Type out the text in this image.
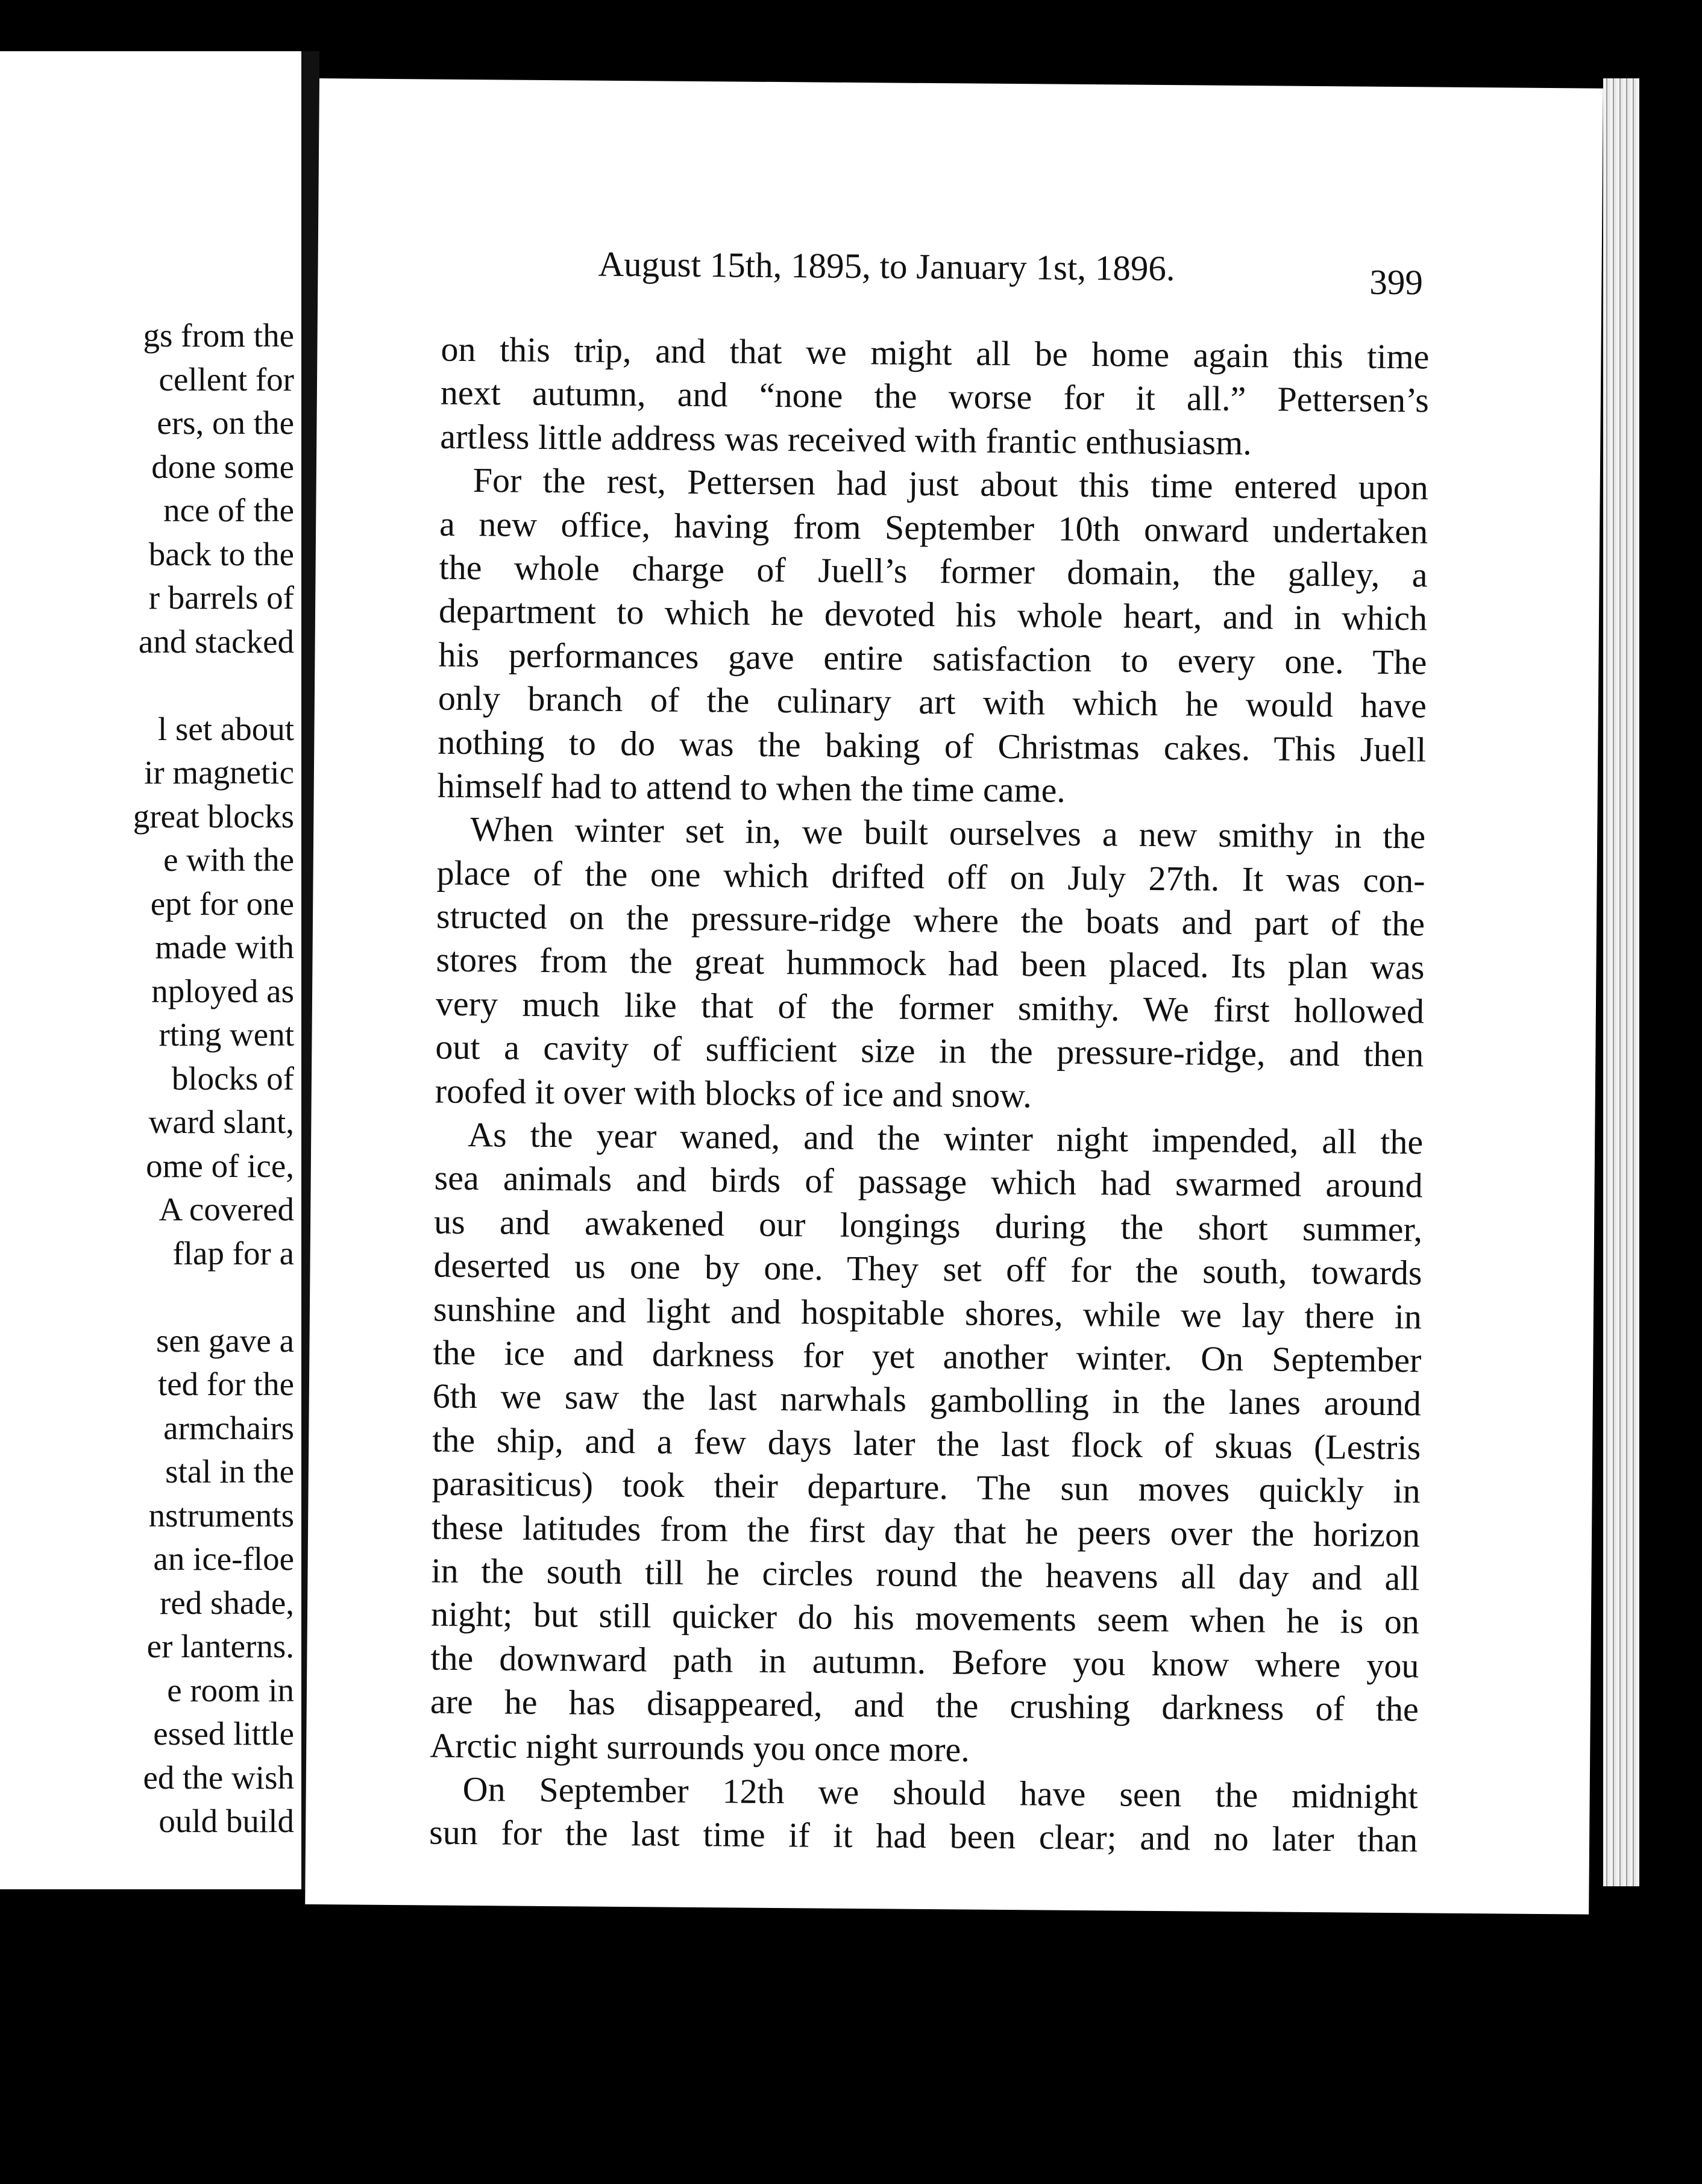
gs from the
cellent for
ers, on the
done some
nce of the
back to the
r barrels of
and stacked
l set about
ir magnetic
great blocks
e with the
ept for one
made with
nployed as
rting went
blocks of
ward slant,
ome of ice,
A covered
flap for a
sen gave a
ted for the
armchairs
stal in the
nstruments
an ice-floe
red shade,
er lanterns.
e room in
essed little
ed the wish
ould build
August 15th, 1895, to January 1st, 1896.	399
on this trip, and that we might all be home again this time
next autumn, and “none the worse for it all.” Pettersen’s
artless little address was received with frantic enthusiasm.
For the rest, Pettersen had just about this time entered upon
a new office, having from September 10th onward undertaken
the whole charge of Juell’s former domain, the galley, a
department to which he devoted his whole heart, and in which
his performances gave entire satisfaction to every one. The
only branch of the culinary art with which he would have
nothing to do was the baking of Christmas cakes. This Juell
himself had to attend to when the time came.
When winter set in, we built ourselves a new smithy in the
place of the one which drifted off on July 27th. It was con-
structed on the pressure-ridge where the boats and part of the
stores from the great hummock had been placed. Its plan was
very much like that of the former smithy. We first hollowed
out a cavity of sufficient size in the pressure-ridge, and then
roofed it over with blocks of ice and snow.
As the year waned, and the winter night impended, all the
sea animals and birds of passage which had swarmed around
us and awakened our longings during the short summer,
deserted us one by one. They set off for the south, towards
sunshine and light and hospitable shores, while we lay there in
the ice and darkness for yet another winter. On September
6th we saw the last narwhals gambolling in the lanes around
the ship, and a few days later the last flock of skuas (Lestris
parasiticus) took their departure. The sun moves quickly in
these latitudes from the first day that he peers over the horizon
in the south till he circles round the heavens all day and all
night; but still quicker do his movements seem when he is on
the downward path in autumn. Before you know where you
are he has disappeared, and the crushing darkness of the
Arctic night surrounds you once more.
On September 12th we should have seen the midnight
sun for the last time if it had been clear; and no later than
